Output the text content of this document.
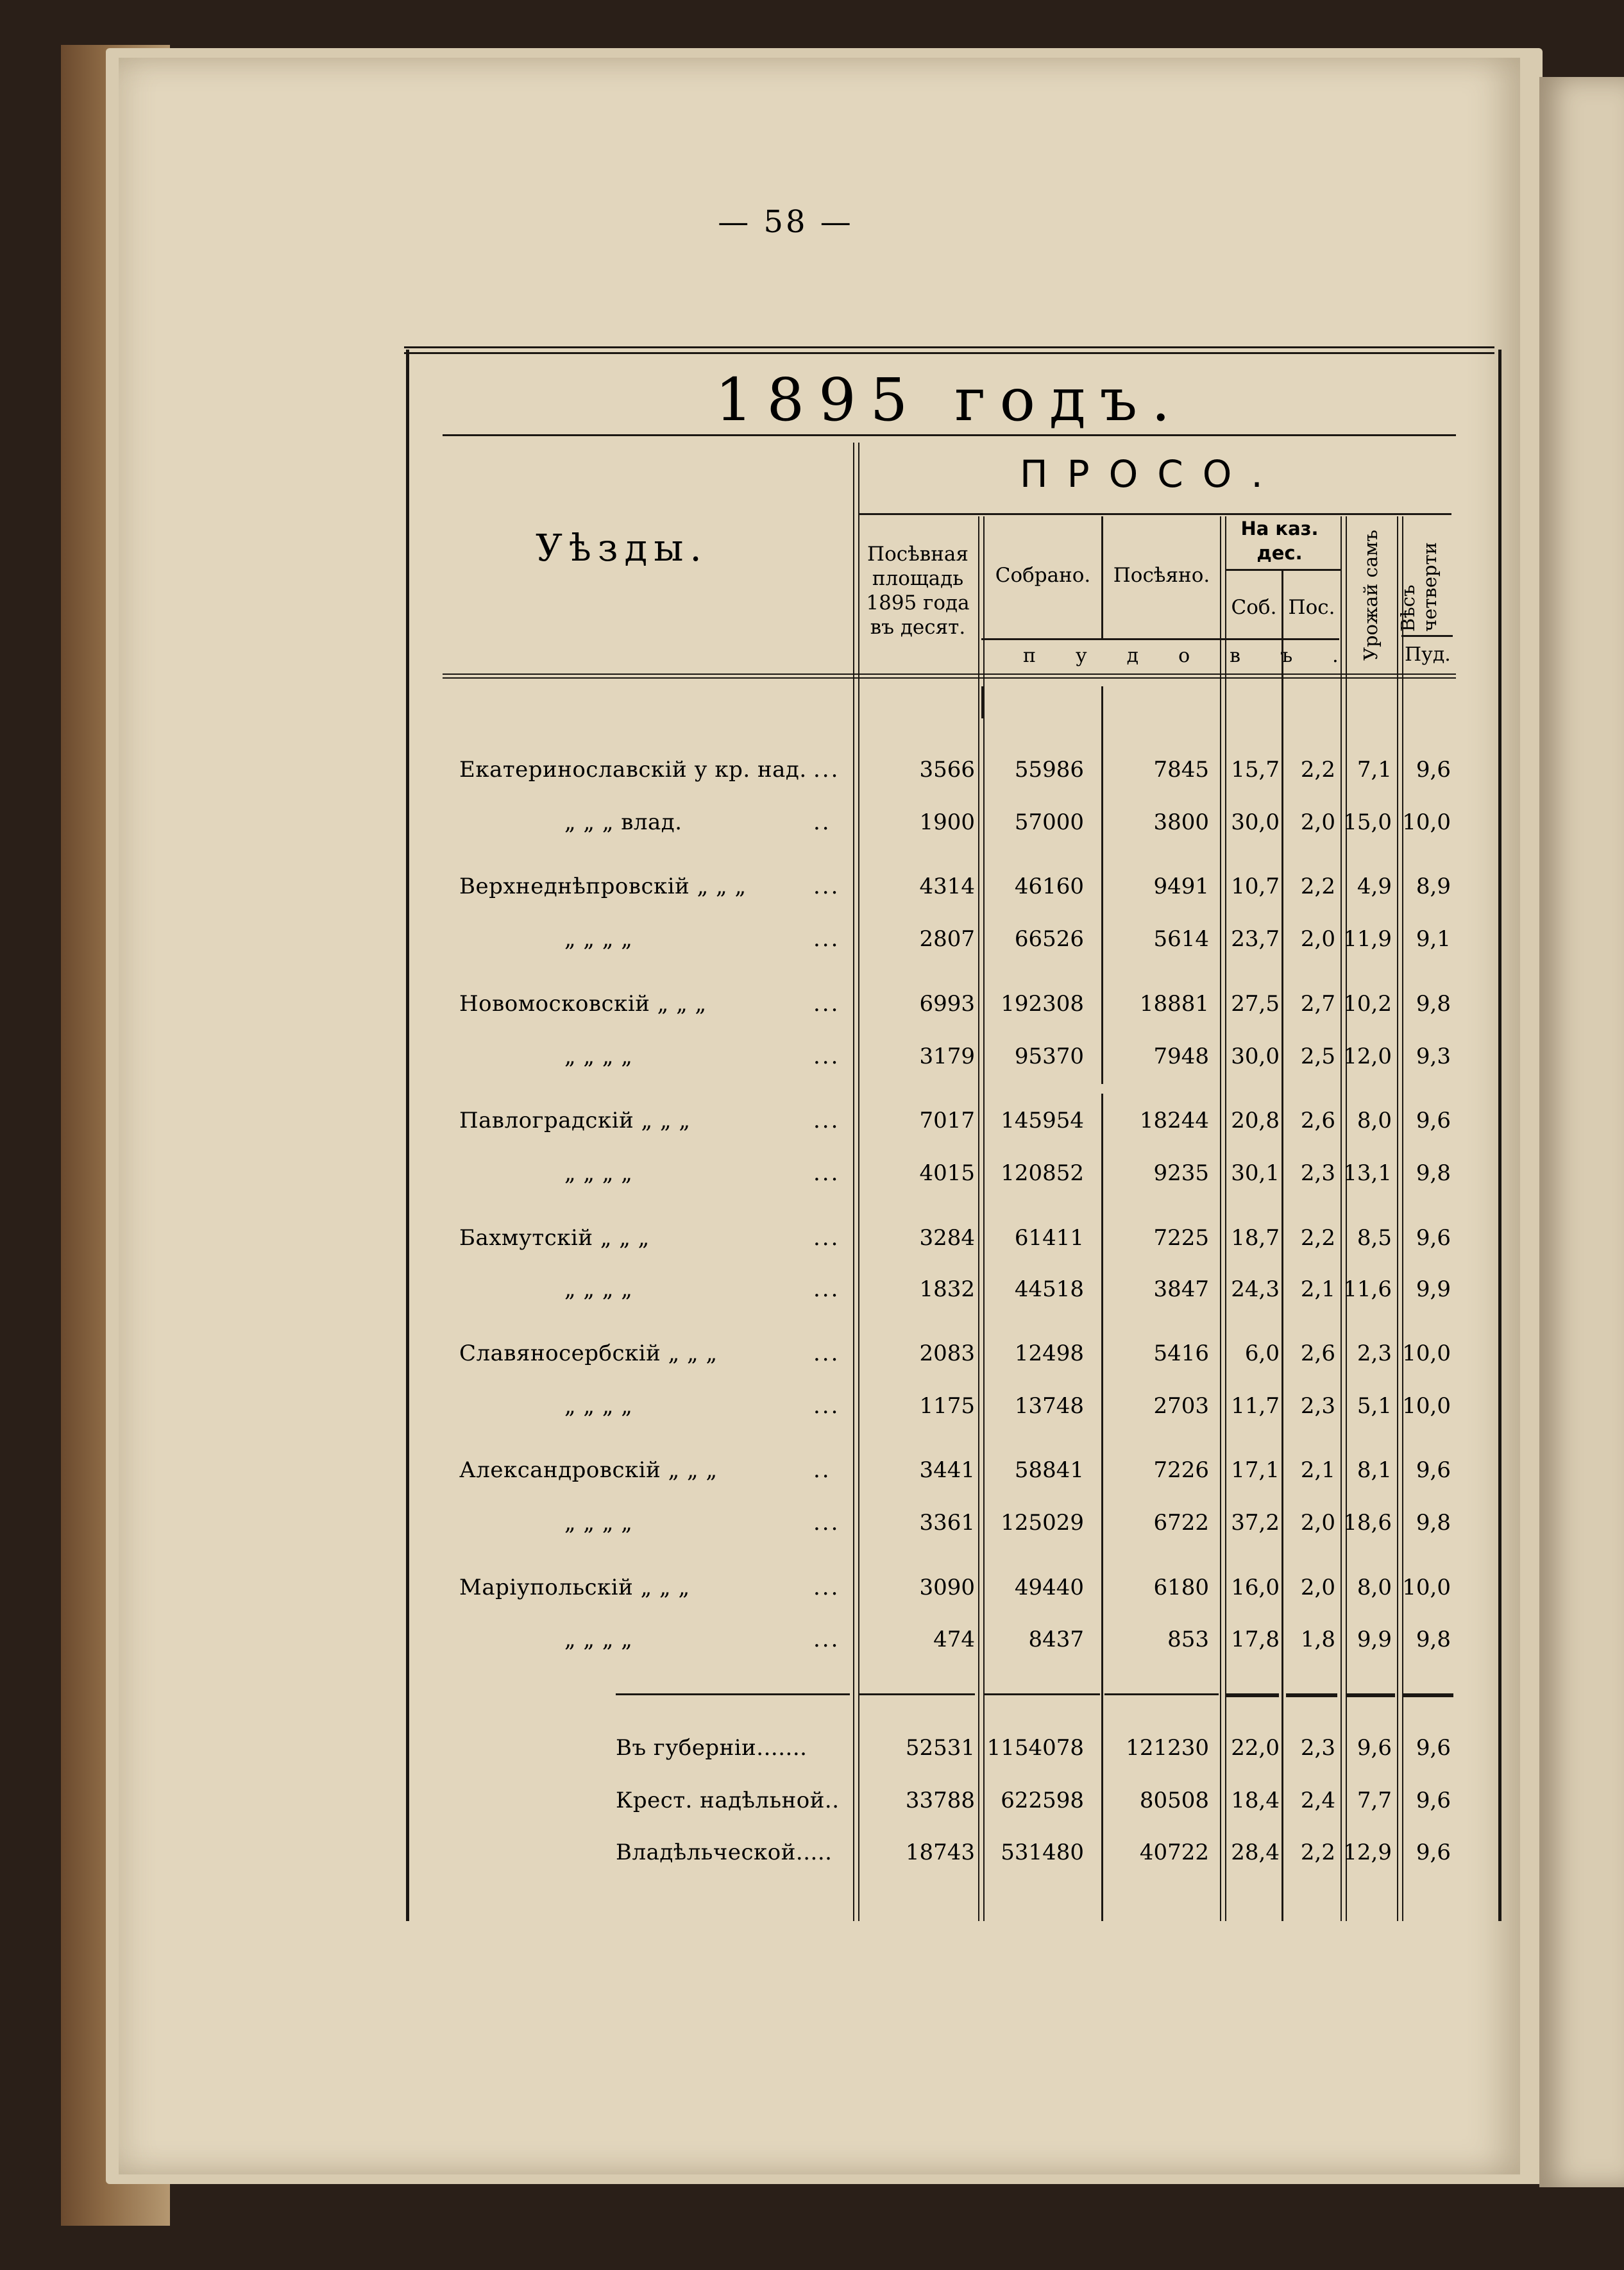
— 58 —
1895 годъ.
Уѣзды.
ПРОСО.
Посѣвная
площадь
1895 года
въ десят.
Собрано.	Посѣяно.
На каз.
дес.
Соб. Пос. Урожай самъ Вѣсъ четверти
пудовъ. Пуд.
Екатеринославскій у кр. над. ...	3566 55986	7845 15,7 2,2 7,1 9,6
„ „ „ влад.	..	1900 57000	3800 30,0 2,0 15,0 10,0
Верхнеднѣпровскій „ „ „	...	4314 46160	9491 10,7 2,2 4,9 8,9
„ „ „ „	...	2807 66526	5614 23,7 2,0 11,9 9,1
Новомосковскій „ „ „	...	6993 192308	18881 27,5 2,7 10,2 9,8
„ „ „ „	...	3179 95370	7948 30,0 2,5 12,0 9,3
Павлоградскій „ „ „	...	7017 145954	18244 20,8 2,6 8,0 9,6
„ „ „ „	...	4015 120852	9235 30,1 2,3 13,1 9,8
Бахмутскій „ „ „	...	3284 61411	7225 18,7 2,2 8,5 9,6
„ „ „ „	...	1832 44518	3847 24,3 2,1 11,6 9,9
Славяносербскій „ „ „	...	2083 12498	5416 6,0 2,6 2,3 10,0
„ „ „ „	...	1175 13748	2703 11,7 2,3 5,1 10,0
Александровскій „ „ „	..	3441 58841	7226 17,1 2,1 8,1 9,6
„ „ „ „	...	3361 125029	6722 37,2 2,0 18,6 9,8
Маріупольскій „ „ „	...	3090 49440	6180 16,0 2,0 8,0 10,0
„ „ „ „	...	474 8437	853 17,8 1,8 9,9 9,8
Въ губерніи.......	52531 1154078 121230 22,0 2,3 9,6 9,6
Крест. надѣльной..	33788 622598	80508 18,4 2,4 7,7 9,6
Владѣльческой.....	18743 531480	40722 28,4 2,2 12,9 9,6
